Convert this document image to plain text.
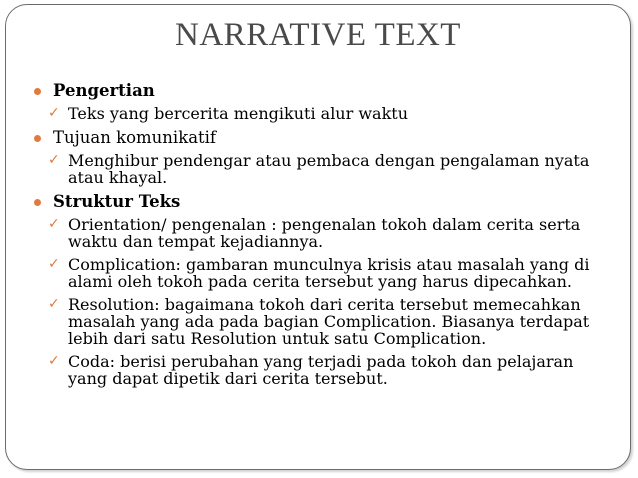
NARRATIVE TEXT
Pengertian
✓ Teks yang bercerita mengikuti alur waktu
Tujuan komunikatif
✓ Menghibur pendengar atau pembaca dengan pengalaman nyata atau khayal.
Struktur Teks
✓ Orientation/ pengenalan : pengenalan tokoh dalam cerita serta waktu dan tempat kejadiannya.
✓ Complication: gambaran munculnya krisis atau masalah yang di alami oleh tokoh pada cerita tersebut yang harus dipecahkan.
✓ Resolution: bagaimana tokoh dari cerita tersebut memecahkan masalah yang ada pada bagian Complication. Biasanya terdapat lebih dari satu Resolution untuk satu Complication.
✓ Coda: berisi perubahan yang terjadi pada tokoh dan pelajaran yang dapat dipetik dari cerita tersebut.
